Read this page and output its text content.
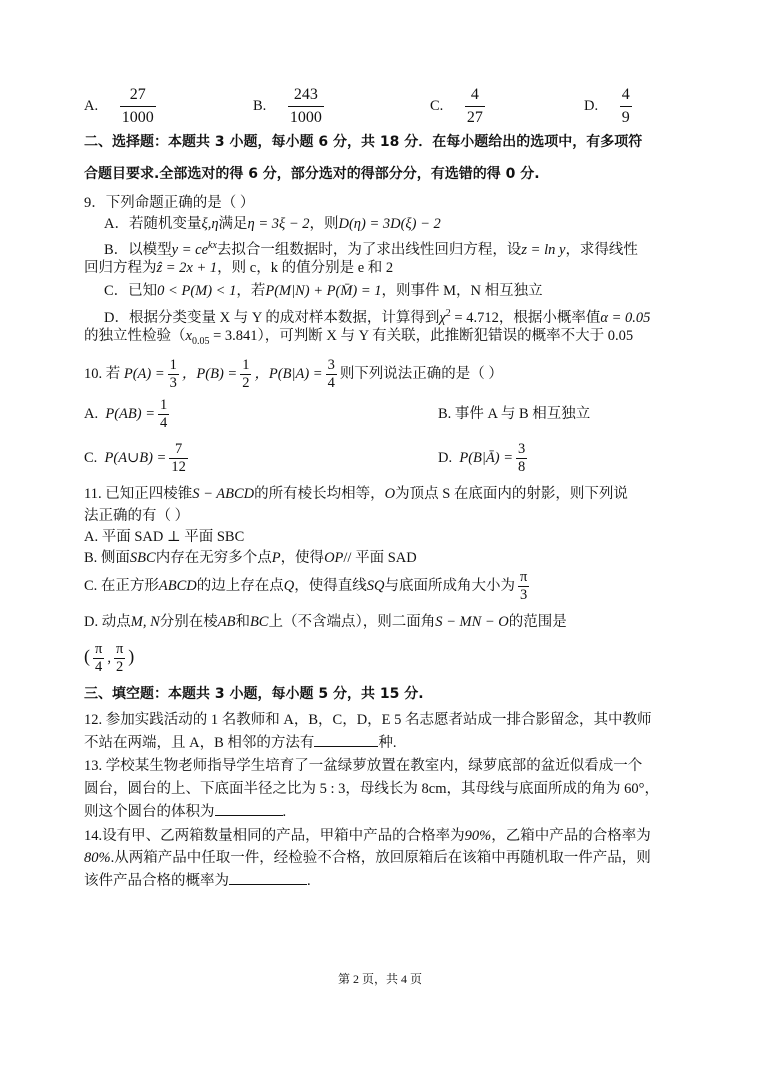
A. $\frac{27}{1000}$	B. $\frac{243}{1000}$	C. $\frac{4}{27}$	D. $\frac{4}{9}$
二、选择题：本题共 3 小题，每小题 6 分，共 18 分．在每小题给出的选项中，有多项符
合题目要求.全部选对的得 6 分，部分选对的得部分分，有选错的得 0 分.
9．下列命题正确的是（ ）
A．若随机变量ξ,η满足η = 3ξ − 2，则D(η) = 3D(ξ) − 2
B．以模型$y = ce^{kx}$去拟合一组数据时，为了求出线性回归方程，设z = ln y，求得线性
回归方程为ẑ = 2x + 1，则 c，k 的值分别是 e 和 2
C．已知0 < P(M) < 1，若P(M|N) + P(M̄) = 1，则事件 M，N 相互独立
D．根据分类变量 X 与 Y 的成对样本数据，计算得到$\chi^2 = 4.712$，根据小概率值α = 0.05
的独立性检验$(x_{0.05} = 3.841)$，可判断 X 与 Y 有关联，此推断犯错误的概率不大于 0.05
10. 若 $P(A) = \frac{1}{3}$ ，$P(B) = \frac{1}{2}$ ，$P(B|A) = \frac{3}{4}$ 则下列说法正确的是（ ）
A. $P(AB) = \frac{1}{4}$	B. 事件 A 与 B 相互独立
C. P(A∪B) = $\frac{7}{12}$	D. P(B|Ā) = $\frac{3}{8}$
11. 已知正四棱锥S − ABCD的所有棱长均相等，O为顶点 S 在底面内的射影，则下列说
法正确的有（ ）
A. 平面 SAD ⊥ 平面 SBC
B. 侧面SBC内存在无穷多个点P，使得OP// 平面 SAD
C. 在正方形ABCD的边上存在点Q，使得直线SQ与底面所成角大小为 $\frac{\pi}{3}$
D. 动点M, N分别在棱AB和BC上（不含端点），则二面角S − MN − O的范围是
( $\frac{\pi}{4}$ , $\frac{\pi}{2}$ )
三、填空题：本题共 3 小题，每小题 5 分，共 15 分.
12. 参加实践活动的 1 名教师和 A，B，C，D，E 5 名志愿者站成一排合影留念，其中教师
不站在两端，且 A，B 相邻的方法有	种.
13. 学校某生物老师指导学生培育了一盆绿萝放置在教室内，绿萝底部的盆近似看成一个
圆台，圆台的上、下底面半径之比为 5 : 3，母线长为 8cm，其母线与底面所成的角为 60°，
则这个圆台的体积为	.
14.设有甲、乙两箱数量相同的产品，甲箱中产品的合格率为90%，乙箱中产品的合格率为
80%.从两箱产品中任取一件，经检验不合格，放回原箱后在该箱中再随机取一件产品，则
该件产品合格的概率为	.
第 2 页，共 4 页
